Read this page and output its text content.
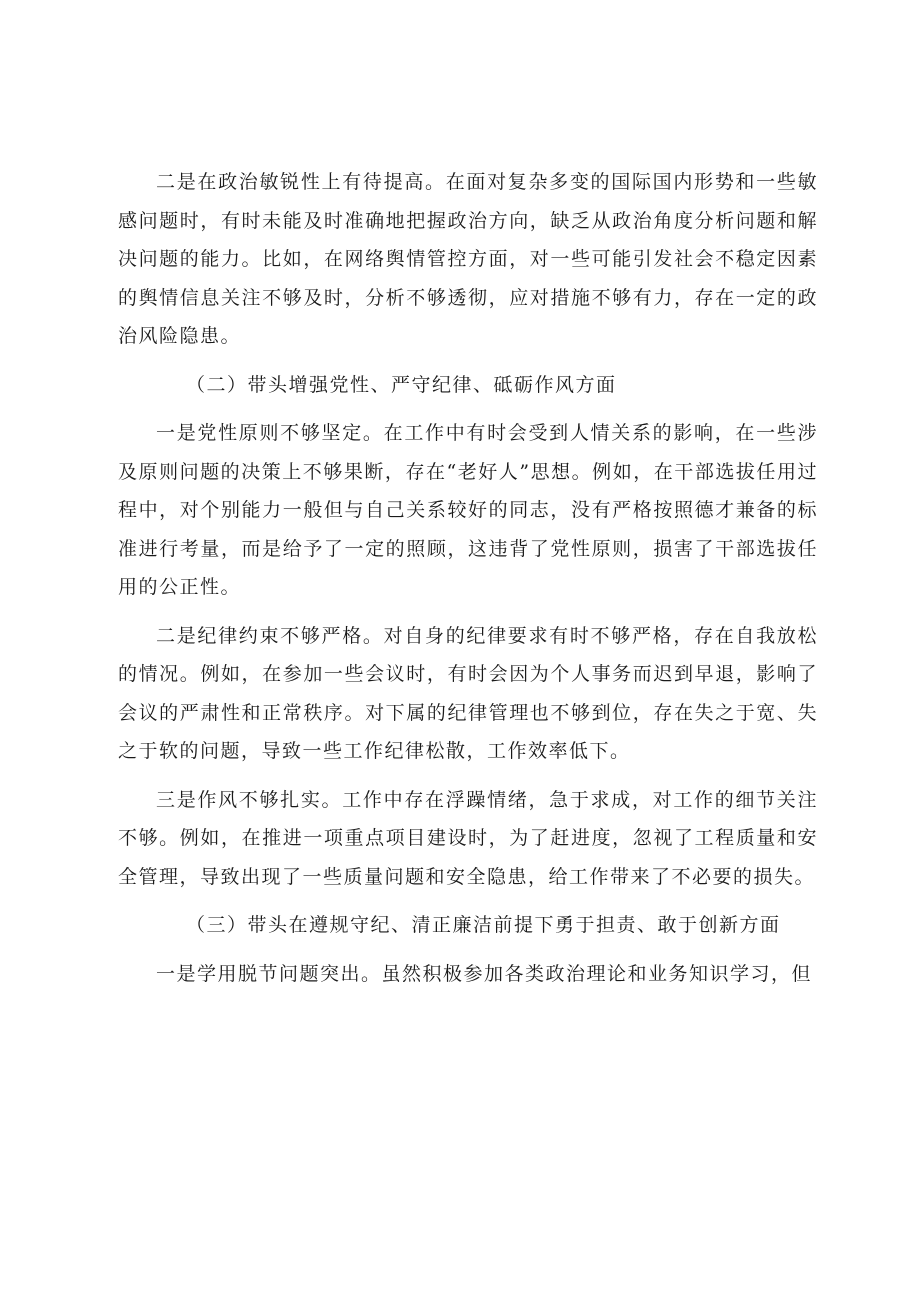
二是在政治敏锐性上有待提高。在面对复杂多变的国际国内形势和一些敏感问题时，有时未能及时准确地把握政治方向，缺乏从政治角度分析问题和解决问题的能力。比如，在网络舆情管控方面，对一些可能引发社会不稳定因素的舆情信息关注不够及时，分析不够透彻，应对措施不够有力，存在一定的政治风险隐患。

（二）带头增强党性、严守纪律、砥砺作风方面

一是党性原则不够坚定。在工作中有时会受到人情关系的影响，在一些涉及原则问题的决策上不够果断，存在“老好人”思想。例如，在干部选拔任用过程中，对个别能力一般但与自己关系较好的同志，没有严格按照德才兼备的标准进行考量，而是给予了一定的照顾，这违背了党性原则，损害了干部选拔任用的公正性。

二是纪律约束不够严格。对自身的纪律要求有时不够严格，存在自我放松的情况。例如，在参加一些会议时，有时会因为个人事务而迟到早退，影响了会议的严肃性和正常秩序。对下属的纪律管理也不够到位，存在失之于宽、失之于软的问题，导致一些工作纪律松散，工作效率低下。

三是作风不够扎实。工作中存在浮躁情绪，急于求成，对工作的细节关注不够。例如，在推进一项重点项目建设时，为了赶进度，忽视了工程质量和安全管理，导致出现了一些质量问题和安全隐患，给工作带来了不必要的损失。

（三）带头在遵规守纪、清正廉洁前提下勇于担责、敢于创新方面

一是学用脱节问题突出。虽然积极参加各类政治理论和业务知识学习，但
